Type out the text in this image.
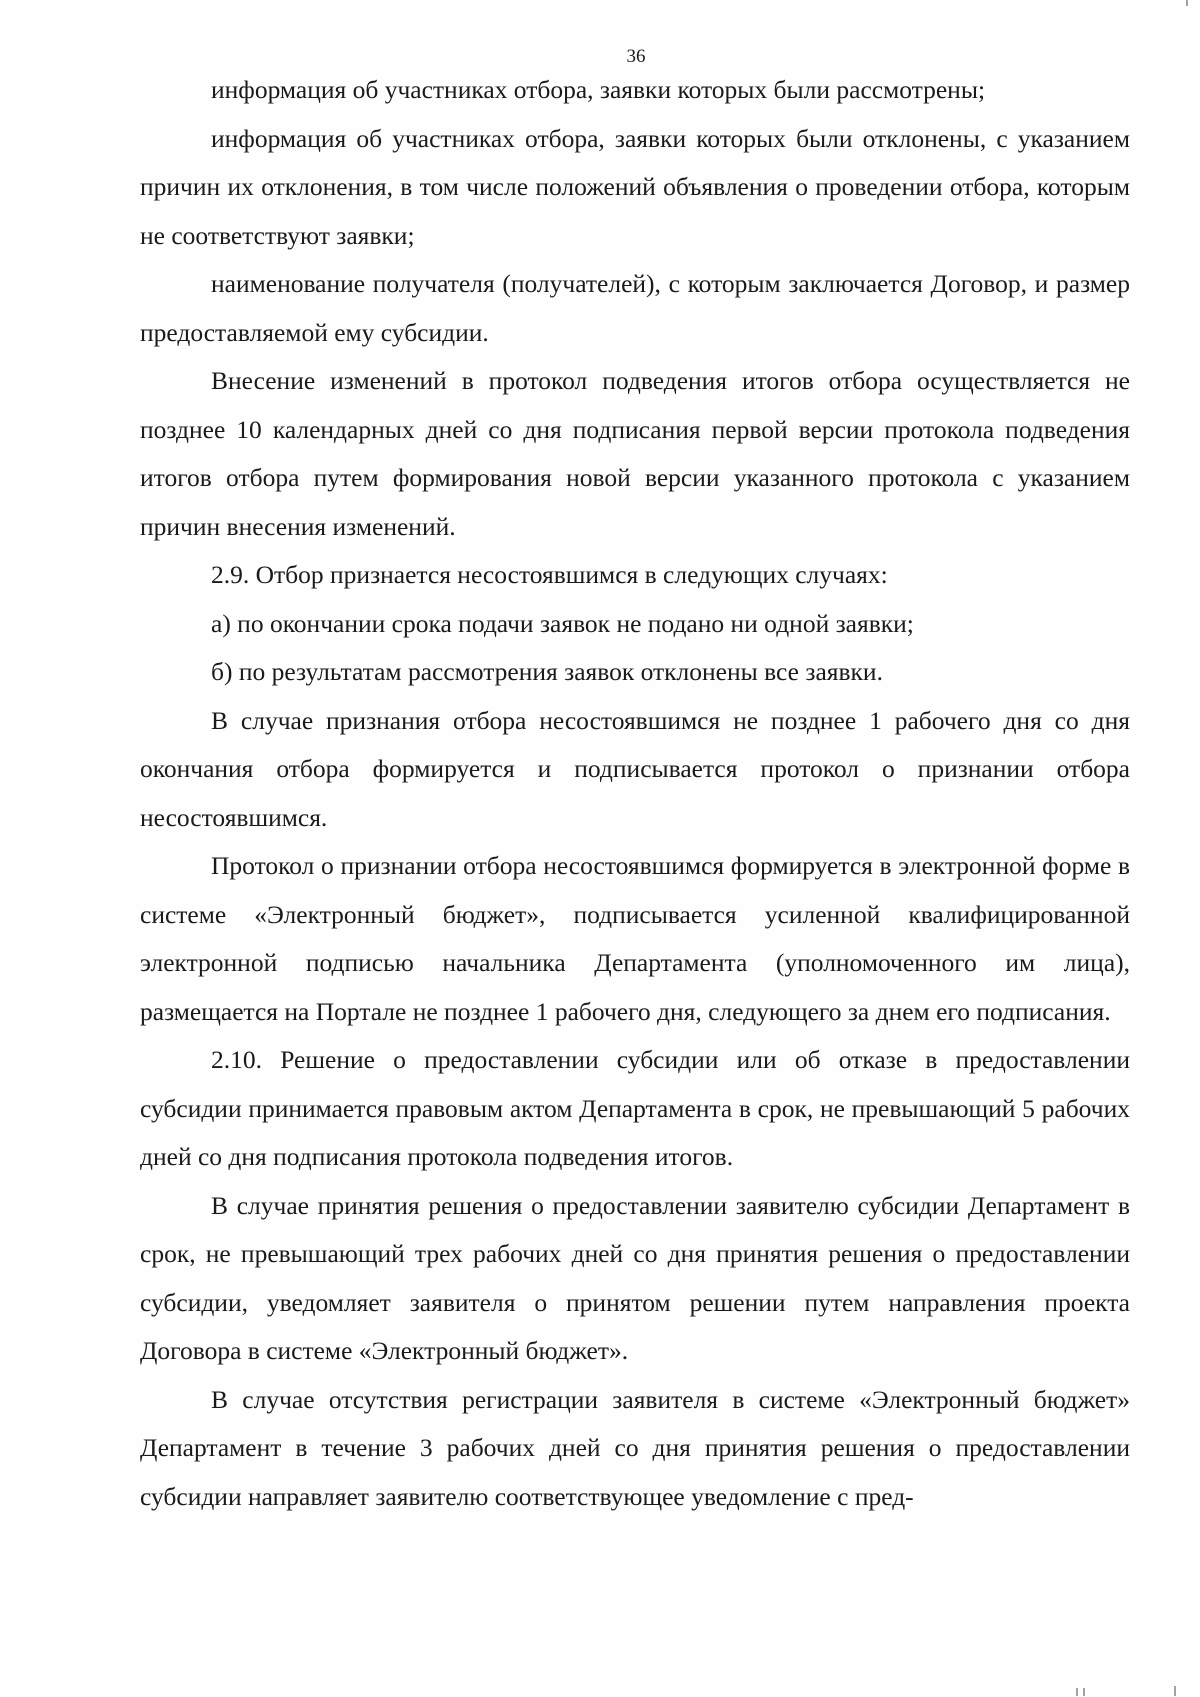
36

информация об участниках отбора, заявки которых были рассмотрены;

информация об участниках отбора, заявки которых были отклонены, с указанием причин их отклонения, в том числе положений объявления о проведении отбора, которым не соответствуют заявки;

наименование получателя (получателей), с которым заключается Договор, и размер предоставляемой ему субсидии.

Внесение изменений в протокол подведения итогов отбора осуществляется не позднее 10 календарных дней со дня подписания первой версии протокола подведения итогов отбора путем формирования новой версии указанного протокола с указанием причин внесения изменений.

2.9. Отбор признается несостоявшимся в следующих случаях:

а) по окончании срока подачи заявок не подано ни одной заявки;

б) по результатам рассмотрения заявок отклонены все заявки.

В случае признания отбора несостоявшимся не позднее 1 рабочего дня со дня окончания отбора формируется и подписывается протокол о признании отбора несостоявшимся.

Протокол о признании отбора несостоявшимся формируется в электронной форме в системе «Электронный бюджет», подписывается усиленной квалифицированной электронной подписью начальника Департамента (уполномоченного им лица), размещается на Портале не позднее 1 рабочего дня, следующего за днем его подписания.

2.10. Решение о предоставлении субсидии или об отказе в предоставлении субсидии принимается правовым актом Департамента в срок, не превышающий 5 рабочих дней со дня подписания протокола подведения итогов.

В случае принятия решения о предоставлении заявителю субсидии Департамент в срок, не превышающий трех рабочих дней со дня принятия решения о предоставлении субсидии, уведомляет заявителя о принятом решении путем направления проекта Договора в системе «Электронный бюджет».

В случае отсутствия регистрации заявителя в системе «Электронный бюджет» Департамент в течение 3 рабочих дней со дня принятия решения о предоставлении субсидии направляет заявителю соответствующее уведомление с пред-
